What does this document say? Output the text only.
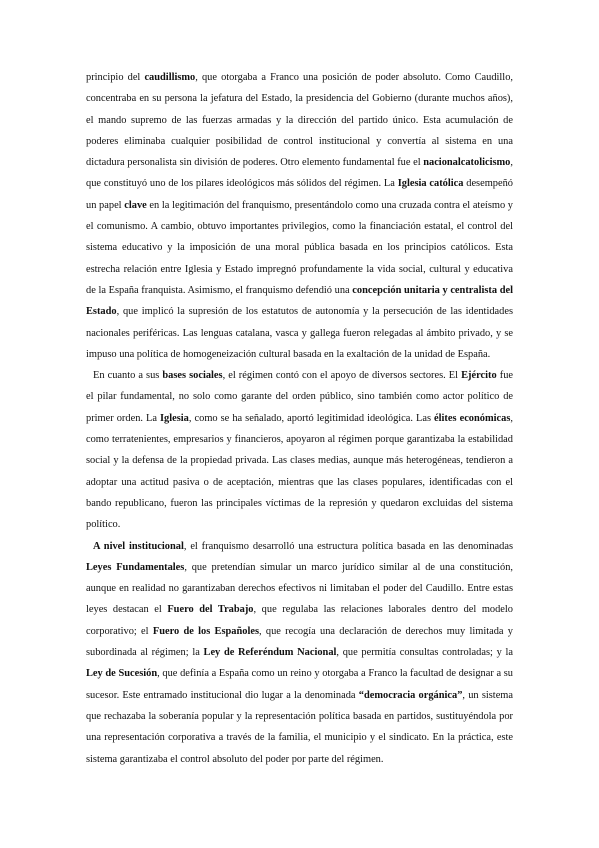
principio del caudillismo, que otorgaba a Franco una posición de poder absoluto. Como Caudillo, concentraba en su persona la jefatura del Estado, la presidencia del Gobierno (durante muchos años), el mando supremo de las fuerzas armadas y la dirección del partido único. Esta acumulación de poderes eliminaba cualquier posibilidad de control institucional y convertía al sistema en una dictadura personalista sin división de poderes. Otro elemento fundamental fue el nacionalcatolicismo, que constituyó uno de los pilares ideológicos más sólidos del régimen. La Iglesia católica desempeñó un papel clave en la legitimación del franquismo, presentándolo como una cruzada contra el ateísmo y el comunismo. A cambio, obtuvo importantes privilegios, como la financiación estatal, el control del sistema educativo y la imposición de una moral pública basada en los principios católicos. Esta estrecha relación entre Iglesia y Estado impregnó profundamente la vida social, cultural y educativa de la España franquista. Asimismo, el franquismo defendió una concepción unitaria y centralista del Estado, que implicó la supresión de los estatutos de autonomía y la persecución de las identidades nacionales periféricas. Las lenguas catalana, vasca y gallega fueron relegadas al ámbito privado, y se impuso una política de homogeneización cultural basada en la exaltación de la unidad de España.

En cuanto a sus bases sociales, el régimen contó con el apoyo de diversos sectores. El Ejército fue el pilar fundamental, no solo como garante del orden público, sino también como actor político de primer orden. La Iglesia, como se ha señalado, aportó legitimidad ideológica. Las élites económicas, como terratenientes, empresarios y financieros, apoyaron al régimen porque garantizaba la estabilidad social y la defensa de la propiedad privada. Las clases medias, aunque más heterogéneas, tendieron a adoptar una actitud pasiva o de aceptación, mientras que las clases populares, identificadas con el bando republicano, fueron las principales víctimas de la represión y quedaron excluidas del sistema político.

A nivel institucional, el franquismo desarrolló una estructura política basada en las denominadas Leyes Fundamentales, que pretendían simular un marco jurídico similar al de una constitución, aunque en realidad no garantizaban derechos efectivos ni limitaban el poder del Caudillo. Entre estas leyes destacan el Fuero del Trabajo, que regulaba las relaciones laborales dentro del modelo corporativo; el Fuero de los Españoles, que recogía una declaración de derechos muy limitada y subordinada al régimen; la Ley de Referéndum Nacional, que permitía consultas controladas; y la Ley de Sucesión, que definía a España como un reino y otorgaba a Franco la facultad de designar a su sucesor. Este entramado institucional dio lugar a la denominada “democracia orgánica”, un sistema que rechazaba la soberanía popular y la representación política basada en partidos, sustituyéndola por una representación corporativa a través de la familia, el municipio y el sindicato. En la práctica, este sistema garantizaba el control absoluto del poder por parte del régimen.
